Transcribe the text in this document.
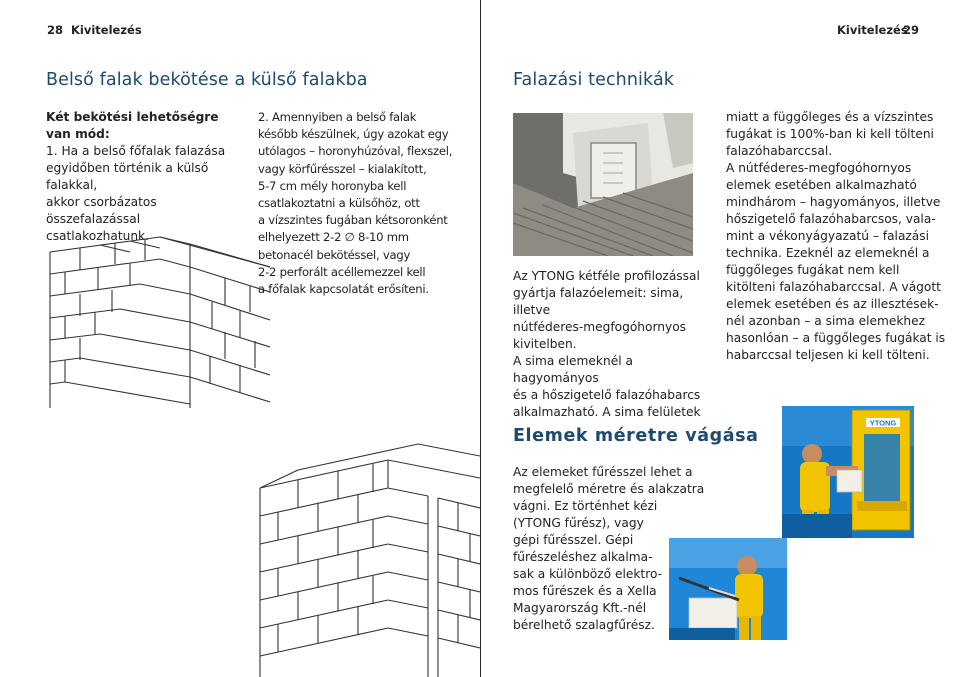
28 Kivitelezés
Belső falak bekötése a külső falakba

Két bekötési lehetőségre

van mód:

1. Ha a belső főfalak falazása

egyidőben történik a külső falakkal,

akkor csorbázatos összefalazással

csatlakozhatunk.

2. Amennyiben a belső falak

később készülnek, úgy azokat egy

utólagos – horonyhúzóval, flexszel,

vagy körfűrésszel – kialakított,

5-7 cm mély horonyba kell

csatlakoztatni a külsőhöz, ott

a vízszintes fugában kétsoronként

elhelyezett 2-2 ∅ 8-10 mm

betonacél bekötéssel, vagy

2-2 perforált acéllemezzel kell

a főfalak kapcsolatát erősíteni.

Kivitelezés
29
Falazási technikák

Az YTONG kétféle profilozással

gyártja falazóelemeit: sima, illetve

nútféderes-megfogóhornyos

kivitelben.

A sima elemeknél a hagyományos

és a hőszigetelő falazóhabarcs

alkalmazható. A sima felületek

miatt a függőleges és a vízszintes

fugákat is 100%-ban ki kell tölteni

falazóhabarccsal.

A nútféderes-megfogóhornyos

elemek esetében alkalmazható

mindhárom – hagyományos, illetve

hőszigetelő falazóhabarcsos, vala-

mint a vékonyágyazatú – falazási

technika. Ezeknél az elemeknél a

függőleges fugákat nem kell

kitölteni falazóhabarccsal. A vágott

elemek esetében és az illesztések-

nél azonban – a sima elemekhez

hasonlóan – a függőleges fugákat is

habarccsal teljesen ki kell tölteni.

Elemek méretre vágása

Az elemeket fűrésszel lehet a

megfelelő méretre és alakzatra

vágni. Ez történhet kézi

(YTONG fűrész), vagy

gépi fűrésszel. Gépi

fűrészeléshez alkalma-

sak a különböző elektro-

mos fűrészek és a Xella

Magyarország Kft.-nél

bérelhető szalagfűrész.

YTONG
